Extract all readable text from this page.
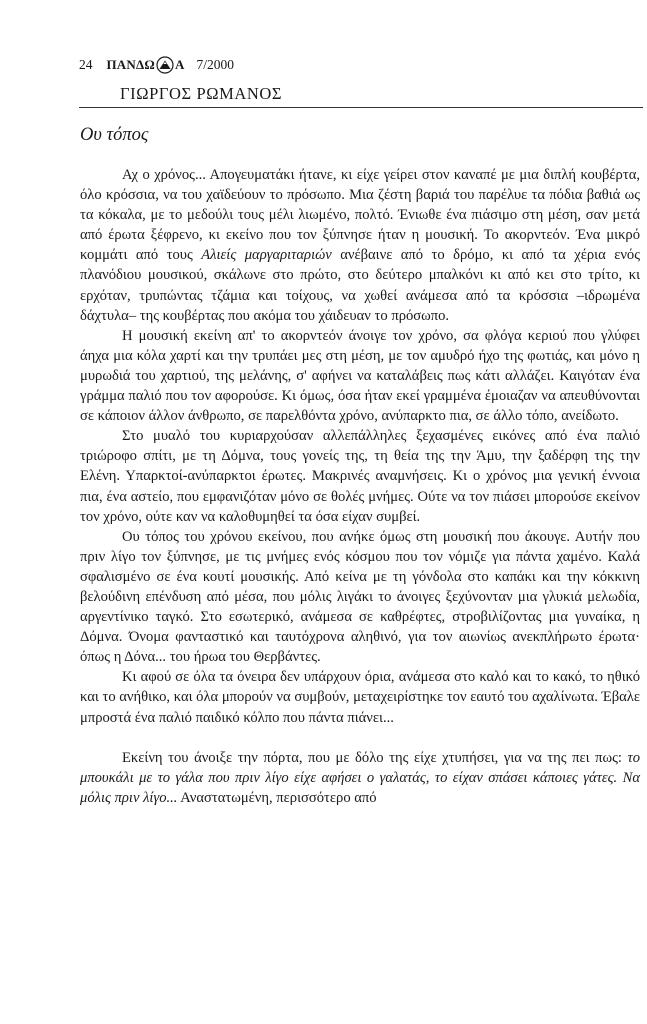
24 ΠΑΝΔΩ Α 7/2000
ΓΙΩΡΓΟΣ ΡΩΜΑΝΟΣ
Ου τόπος

Αχ ο χρόνος... Απογευματάκι ήτανε, κι είχε γείρει στον καναπέ με μια διπλή κουβέρτα, όλο κρόσσια, να του χαϊδεύουν το πρόσωπο. Μια ζέστη βαριά του παρέλυε τα πόδια βαθιά ως τα κόκαλα, με το μεδούλι τους μέλι λιωμένο, πολτό. Ένιωθε ένα πιάσιμο στη μέση, σαν μετά από έρωτα ξέφρενο, κι εκείνο που τον ξύπνησε ήταν η μουσική. Το ακορντεόν. Ένα μικρό κομμάτι από τους Αλιείς μαργαριταριών ανέβαινε από το δρόμο, κι από τα χέρια ενός πλανόδιου μουσικού, σκάλωνε στο πρώτο, στο δεύτερο μπαλκόνι κι από κει στο τρίτο, κι ερχόταν, τρυπώντας τζάμια και τοίχους, να χωθεί ανάμεσα από τα κρόσσια –ιδρωμένα δάχτυλα– της κουβέρτας που ακόμα του χάιδευαν το πρόσωπο.

Η μουσική εκείνη απ' το ακορντεόν άνοιγε τον χρόνο, σα φλόγα κεριού που γλύφει άηχα μια κόλα χαρτί και την τρυπάει μες στη μέση, με τον αμυδρό ήχο της φωτιάς, και μόνο η μυρωδιά του χαρτιού, της μελάνης, σ' αφήνει να καταλάβεις πως κάτι αλλάζει. Καιγόταν ένα γράμμα παλιό που τον αφορούσε. Κι όμως, όσα ήταν εκεί γραμμένα έμοιαζαν να απευθύνονται σε κάποιον άλλον άνθρωπο, σε παρελθόντα χρόνο, ανύπαρκτο πια, σε άλλο τόπο, ανείδωτο.

Στο μυαλό του κυριαρχούσαν αλλεπάλληλες ξεχασμένες εικόνες από ένα παλιό τριώροφο σπίτι, με τη Δόμνα, τους γονείς της, τη θεία της την Άμυ, την ξαδέρφη της την Ελένη. Υπαρκτοί-ανύπαρκτοι έρωτες. Μακρινές αναμνήσεις. Κι ο χρόνος μια γενική έννοια πια, ένα αστείο, που εμφανιζόταν μόνο σε θολές μνήμες. Ούτε να τον πιάσει μπορούσε εκείνον τον χρόνο, ούτε καν να καλοθυμηθεί τα όσα είχαν συμβεί.

Ου τόπος του χρόνου εκείνου, που ανήκε όμως στη μουσική που άκουγε. Αυτήν που πριν λίγο τον ξύπνησε, με τις μνήμες ενός κόσμου που τον νόμιζε για πάντα χαμένο. Καλά σφαλισμένο σε ένα κουτί μουσικής. Από κείνα με τη γόνδολα στο καπάκι και την κόκκινη βελούδινη επένδυση από μέσα, που μόλις λιγάκι το άνοιγες ξεχύνονταν μια γλυκιά μελωδία, αργεντίνικο ταγκό. Στο εσωτερικό, ανάμεσα σε καθρέφτες, στροβιλίζοντας μια γυναίκα, η Δόμνα. Όνομα φανταστικό και ταυτόχρονα αληθινό, για τον αιωνίως ανεκπλήρωτο έρωτα· όπως η Δόνα... του ήρωα του Θερβάντες.

Κι αφού σε όλα τα όνειρα δεν υπάρχουν όρια, ανάμεσα στο καλό και το κακό, το ηθικό και το ανήθικο, και όλα μπορούν να συμβούν, μεταχειρίστηκε τον εαυτό του αχαλίνωτα. Έβαλε μπροστά ένα παλιό παιδικό κόλπο που πάντα πιάνει...

Εκείνη του άνοιξε την πόρτα, που με δόλο της είχε χτυπήσει, για να της πει πως: το μπουκάλι με το γάλα που πριν λίγο είχε αφήσει ο γαλατάς, το είχαν σπάσει κάποιες γάτες. Να μόλις πριν λίγο... Αναστατωμένη, περισσότερο από
